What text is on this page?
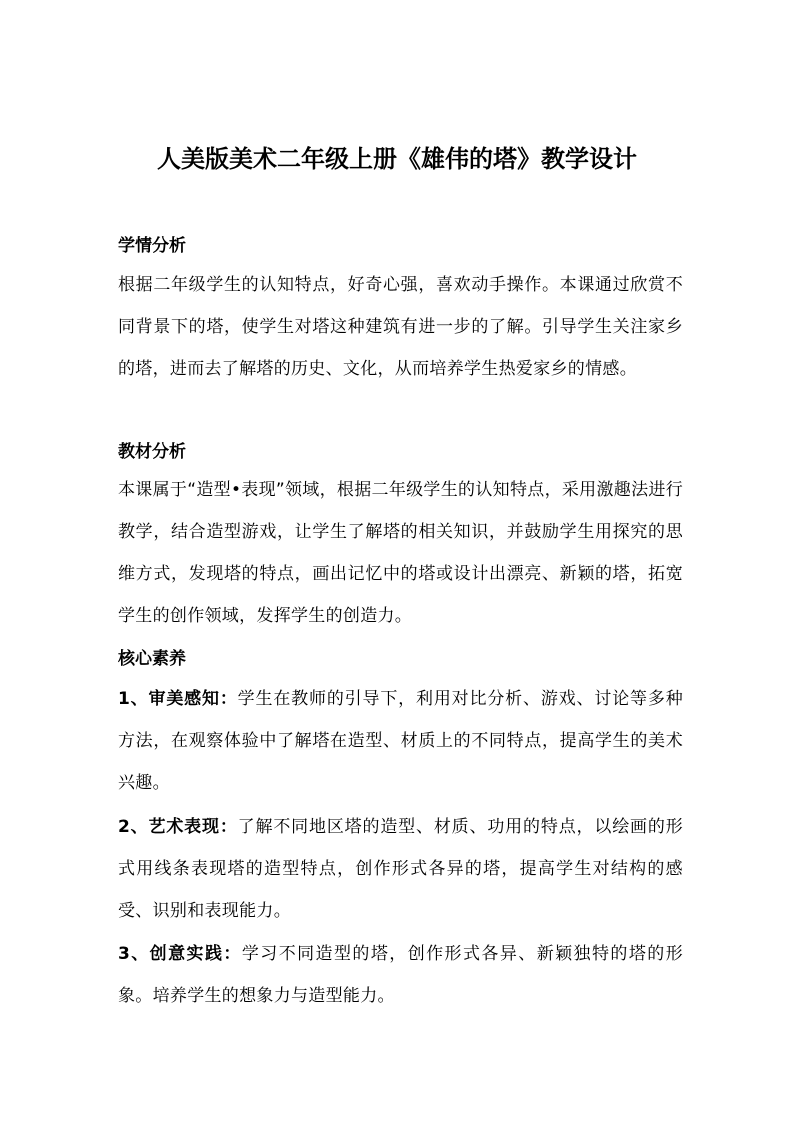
人美版美术二年级上册《雄伟的塔》教学设计
学情分析

根据二年级学生的认知特点，好奇心强，喜欢动手操作。本课通过欣赏不同背景下的塔，使学生对塔这种建筑有进一步的了解。引导学生关注家乡的塔，进而去了解塔的历史、文化，从而培养学生热爱家乡的情感。

教材分析

本课属于“造型•表现”领域，根据二年级学生的认知特点，采用激趣法进行教学，结合造型游戏，让学生了解塔的相关知识，并鼓励学生用探究的思维方式，发现塔的特点，画出记忆中的塔或设计出漂亮、新颖的塔，拓宽学生的创作领域，发挥学生的创造力。

核心素养

1、审美感知：学生在教师的引导下，利用对比分析、游戏、讨论等多种方法，在观察体验中了解塔在造型、材质上的不同特点，提高学生的美术兴趣。

2、艺术表现：了解不同地区塔的造型、材质、功用的特点，以绘画的形式用线条表现塔的造型特点，创作形式各异的塔，提高学生对结构的感受、识别和表现能力。

3、创意实践：学习不同造型的塔，创作形式各异、新颖独特的塔的形象。培养学生的想象力与造型能力。
